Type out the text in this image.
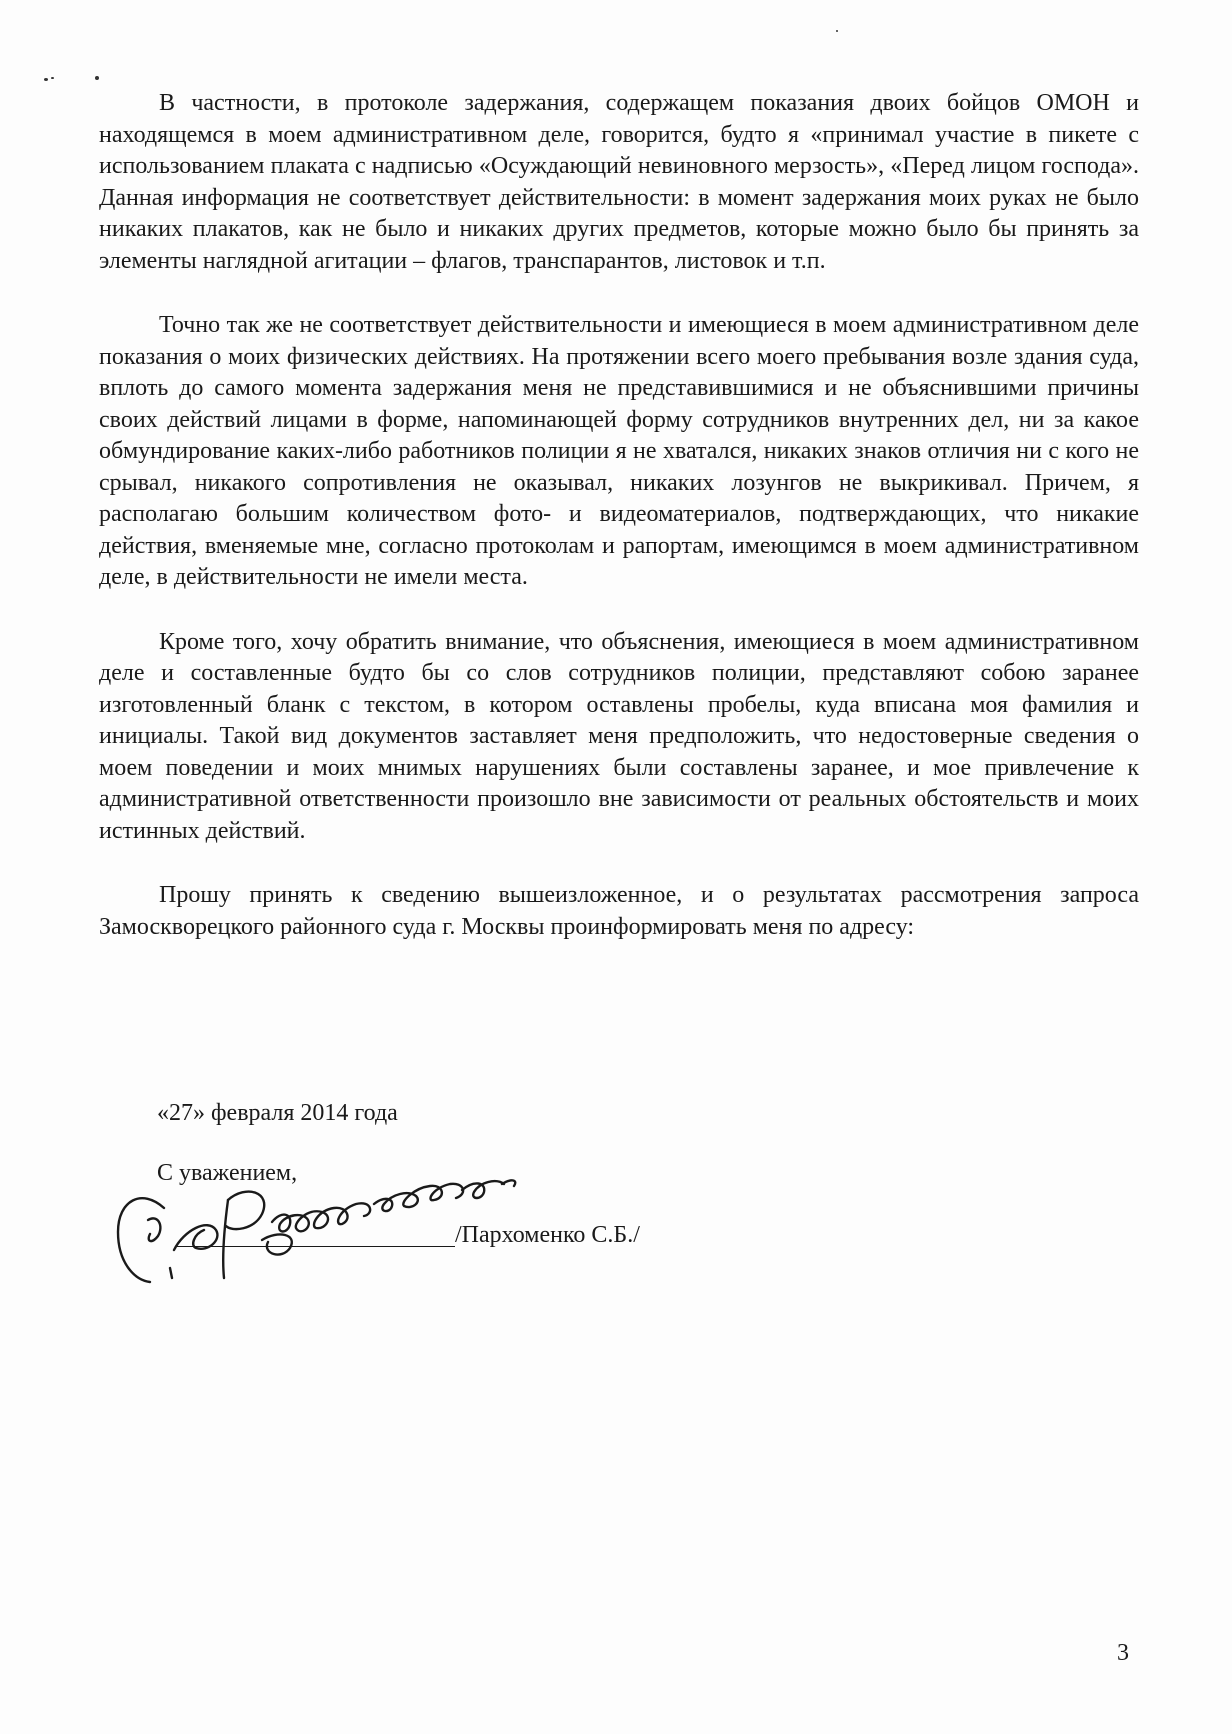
В частности, в протоколе задержания, содержащем показания двоих бойцов ОМОН и находящемся в моем административном деле, говорится, будто я «принимал участие в пикете с использованием плаката с надписью «Осуждающий невиновного мерзость», «Перед лицом господа». Данная информация не соответствует действительности: в момент задержания моих руках не было никаких плакатов, как не было и никаких других предметов, которые можно было бы принять за элементы наглядной агитации – флагов, транспарантов, листовок и т.п.

Точно так же не соответствует действительности и имеющиеся в моем административном деле показания о моих физических действиях. На протяжении всего моего пребывания возле здания суда, вплоть до самого момента задержания меня не представившимися и не объяснившими причины своих действий лицами в форме, напоминающей форму сотрудников внутренних дел, ни за какое обмундирование каких-либо работников полиции я не хватался, никаких знаков отличия ни с кого не срывал, никакого сопротивления не оказывал, никаких лозунгов не выкрикивал. Причем, я располагаю большим количеством фото- и видеоматериалов, подтверждающих, что никакие действия, вменяемые мне, согласно протоколам и рапортам, имеющимся в моем административном деле, в действительности не имели места.

Кроме того, хочу обратить внимание, что объяснения, имеющиеся в моем административном деле и составленные будто бы со слов сотрудников полиции, представляют собою заранее изготовленный бланк с текстом, в котором оставлены пробелы, куда вписана моя фамилия и инициалы. Такой вид документов заставляет меня предположить, что недостоверные сведения о моем поведении и моих мнимых нарушениях были составлены заранее, и мое привлечение к административной ответственности произошло вне зависимости от реальных обстоятельств и моих истинных действий.

Прошу принять к сведению вышеизложенное, и о результатах рассмотрения запроса Замоскворецкого районного суда г. Москвы проинформировать меня по адресу:

«27» февраля 2014 года
С уважением,
/Пархоменко С.Б./
3
